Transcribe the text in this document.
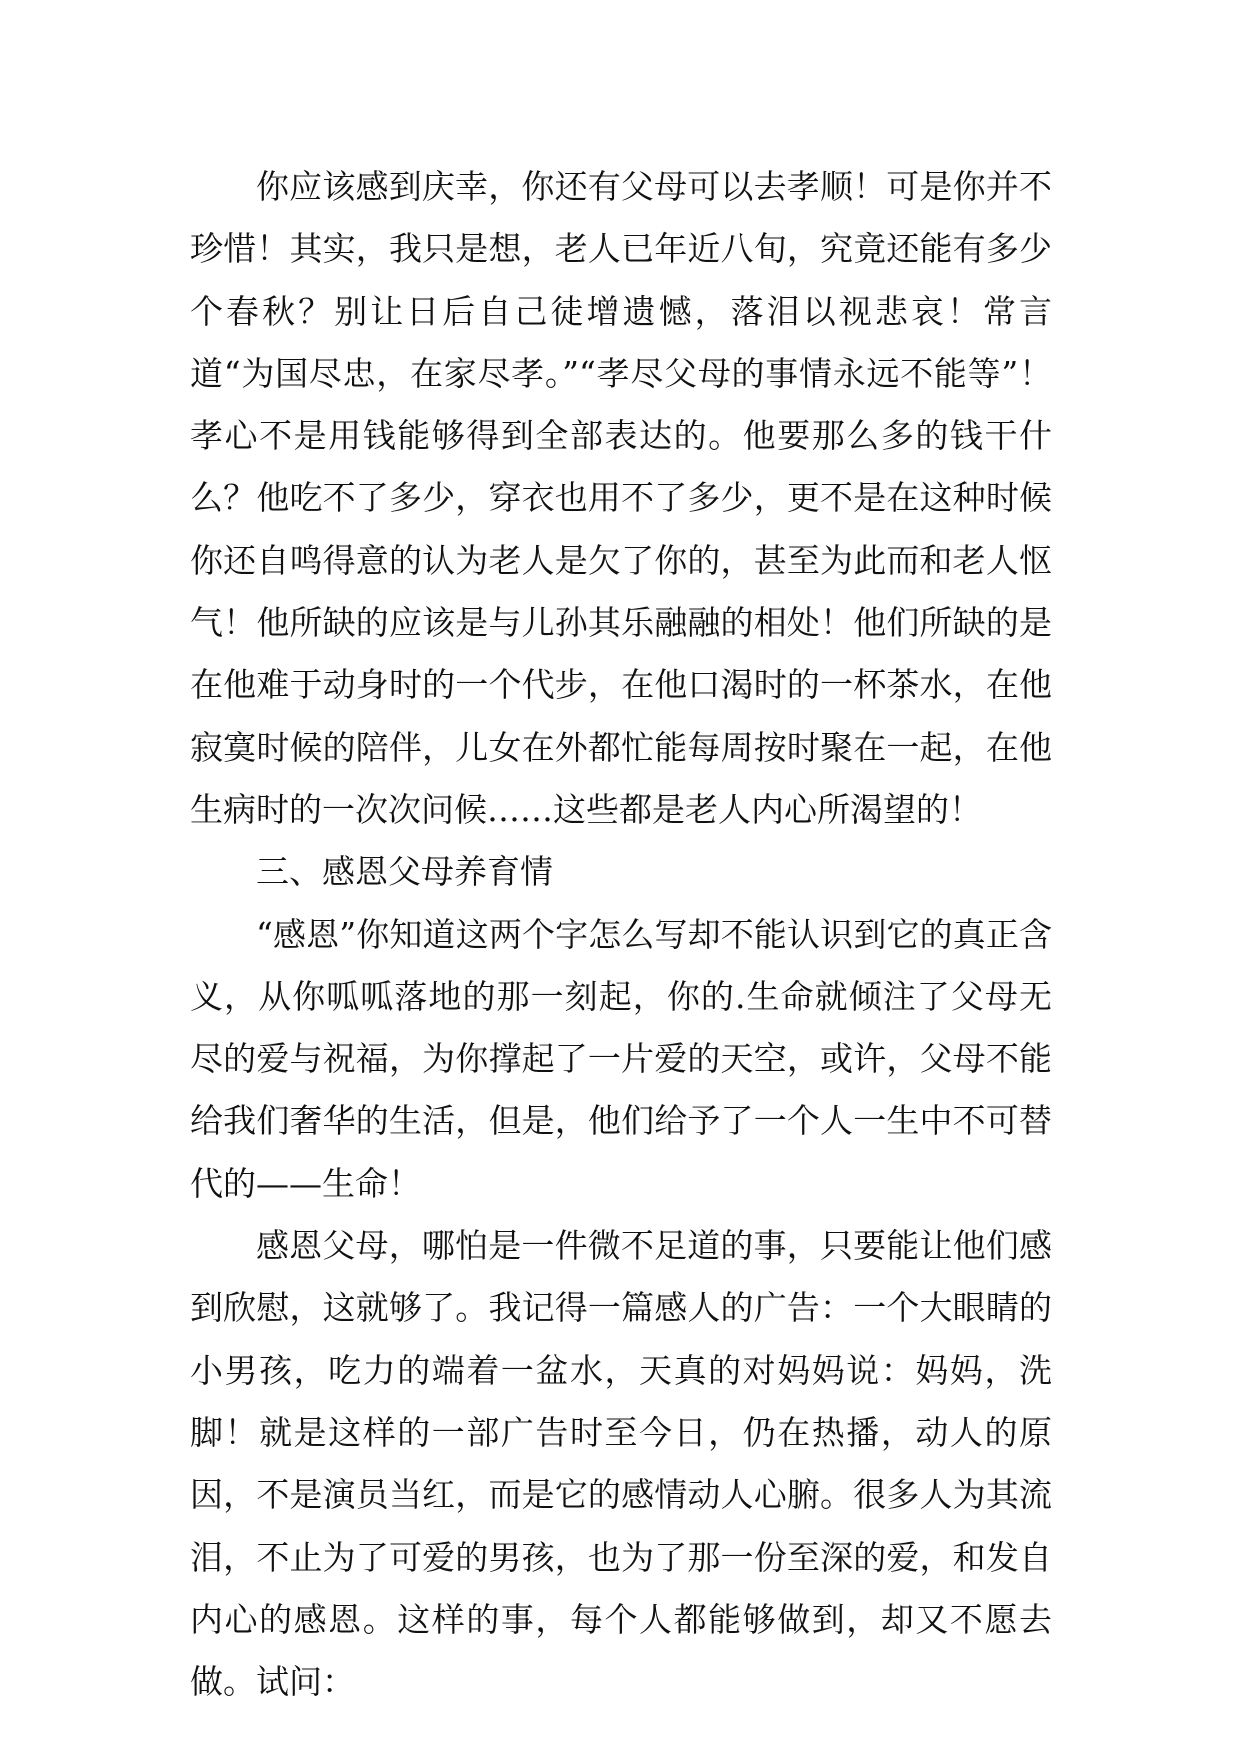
你应该感到庆幸，你还有父母可以去孝顺！可是你并不珍惜！其实，我只是想，老人已年近八旬，究竟还能有多少个春秋？别让日后自己徒增遗憾，落泪以视悲哀！常言道“为国尽忠，在家尽孝。”“孝尽父母的事情永远不能等”！孝心不是用钱能够得到全部表达的。他要那么多的钱干什么？他吃不了多少，穿衣也用不了多少，更不是在这种时候你还自鸣得意的认为老人是欠了你的，甚至为此而和老人怄气！他所缺的应该是与儿孙其乐融融的相处！他们所缺的是在他难于动身时的一个代步，在他口渴时的一杯茶水，在他寂寞时候的陪伴，儿女在外都忙能每周按时聚在一起，在他生病时的一次次问候……这些都是老人内心所渴望的！

三、感恩父母养育情

“感恩”你知道这两个字怎么写却不能认识到它的真正含义，从你呱呱落地的那一刻起，你的.生命就倾注了父母无尽的爱与祝福，为你撑起了一片爱的天空，或许，父母不能给我们奢华的生活，但是，他们给予了一个人一生中不可替代的——生命！

感恩父母，哪怕是一件微不足道的事，只要能让他们感到欣慰，这就够了。我记得一篇感人的广告：一个大眼睛的小男孩，吃力的端着一盆水，天真的对妈妈说：妈妈，洗脚！就是这样的一部广告时至今日，仍在热播，动人的原因，不是演员当红，而是它的感情动人心腑。很多人为其流泪，不止为了可爱的男孩，也为了那一份至深的爱，和发自内心的感恩。这样的事，每个人都能够做到，却又不愿去做。试问：
